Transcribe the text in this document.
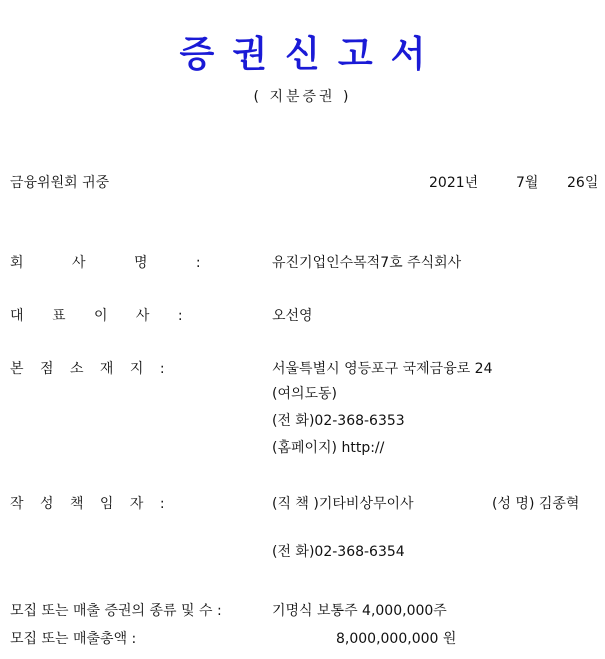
증권신고서
( 지분증권 )
금융위원회 귀중	2021년	7월 26일
회 사 명 :	유진기업인수목적7호 주식회사
대 표 이 사 :	오선영
본 점 소 재 지 :	서울특별시 영등포구 국제금융로 24
(여의도동)
(전 화)02-368-6353
(홈페이지) http://
작 성 책 임 자 :	(직 책 )기타비상무이사	(성 명) 김종혁
(전 화)02-368-6354
모집 또는 매출 증권의 종류 및 수 :	기명식 보통주 4,000,000주
모집 또는 매출총액 :	8,000,000,000 원
